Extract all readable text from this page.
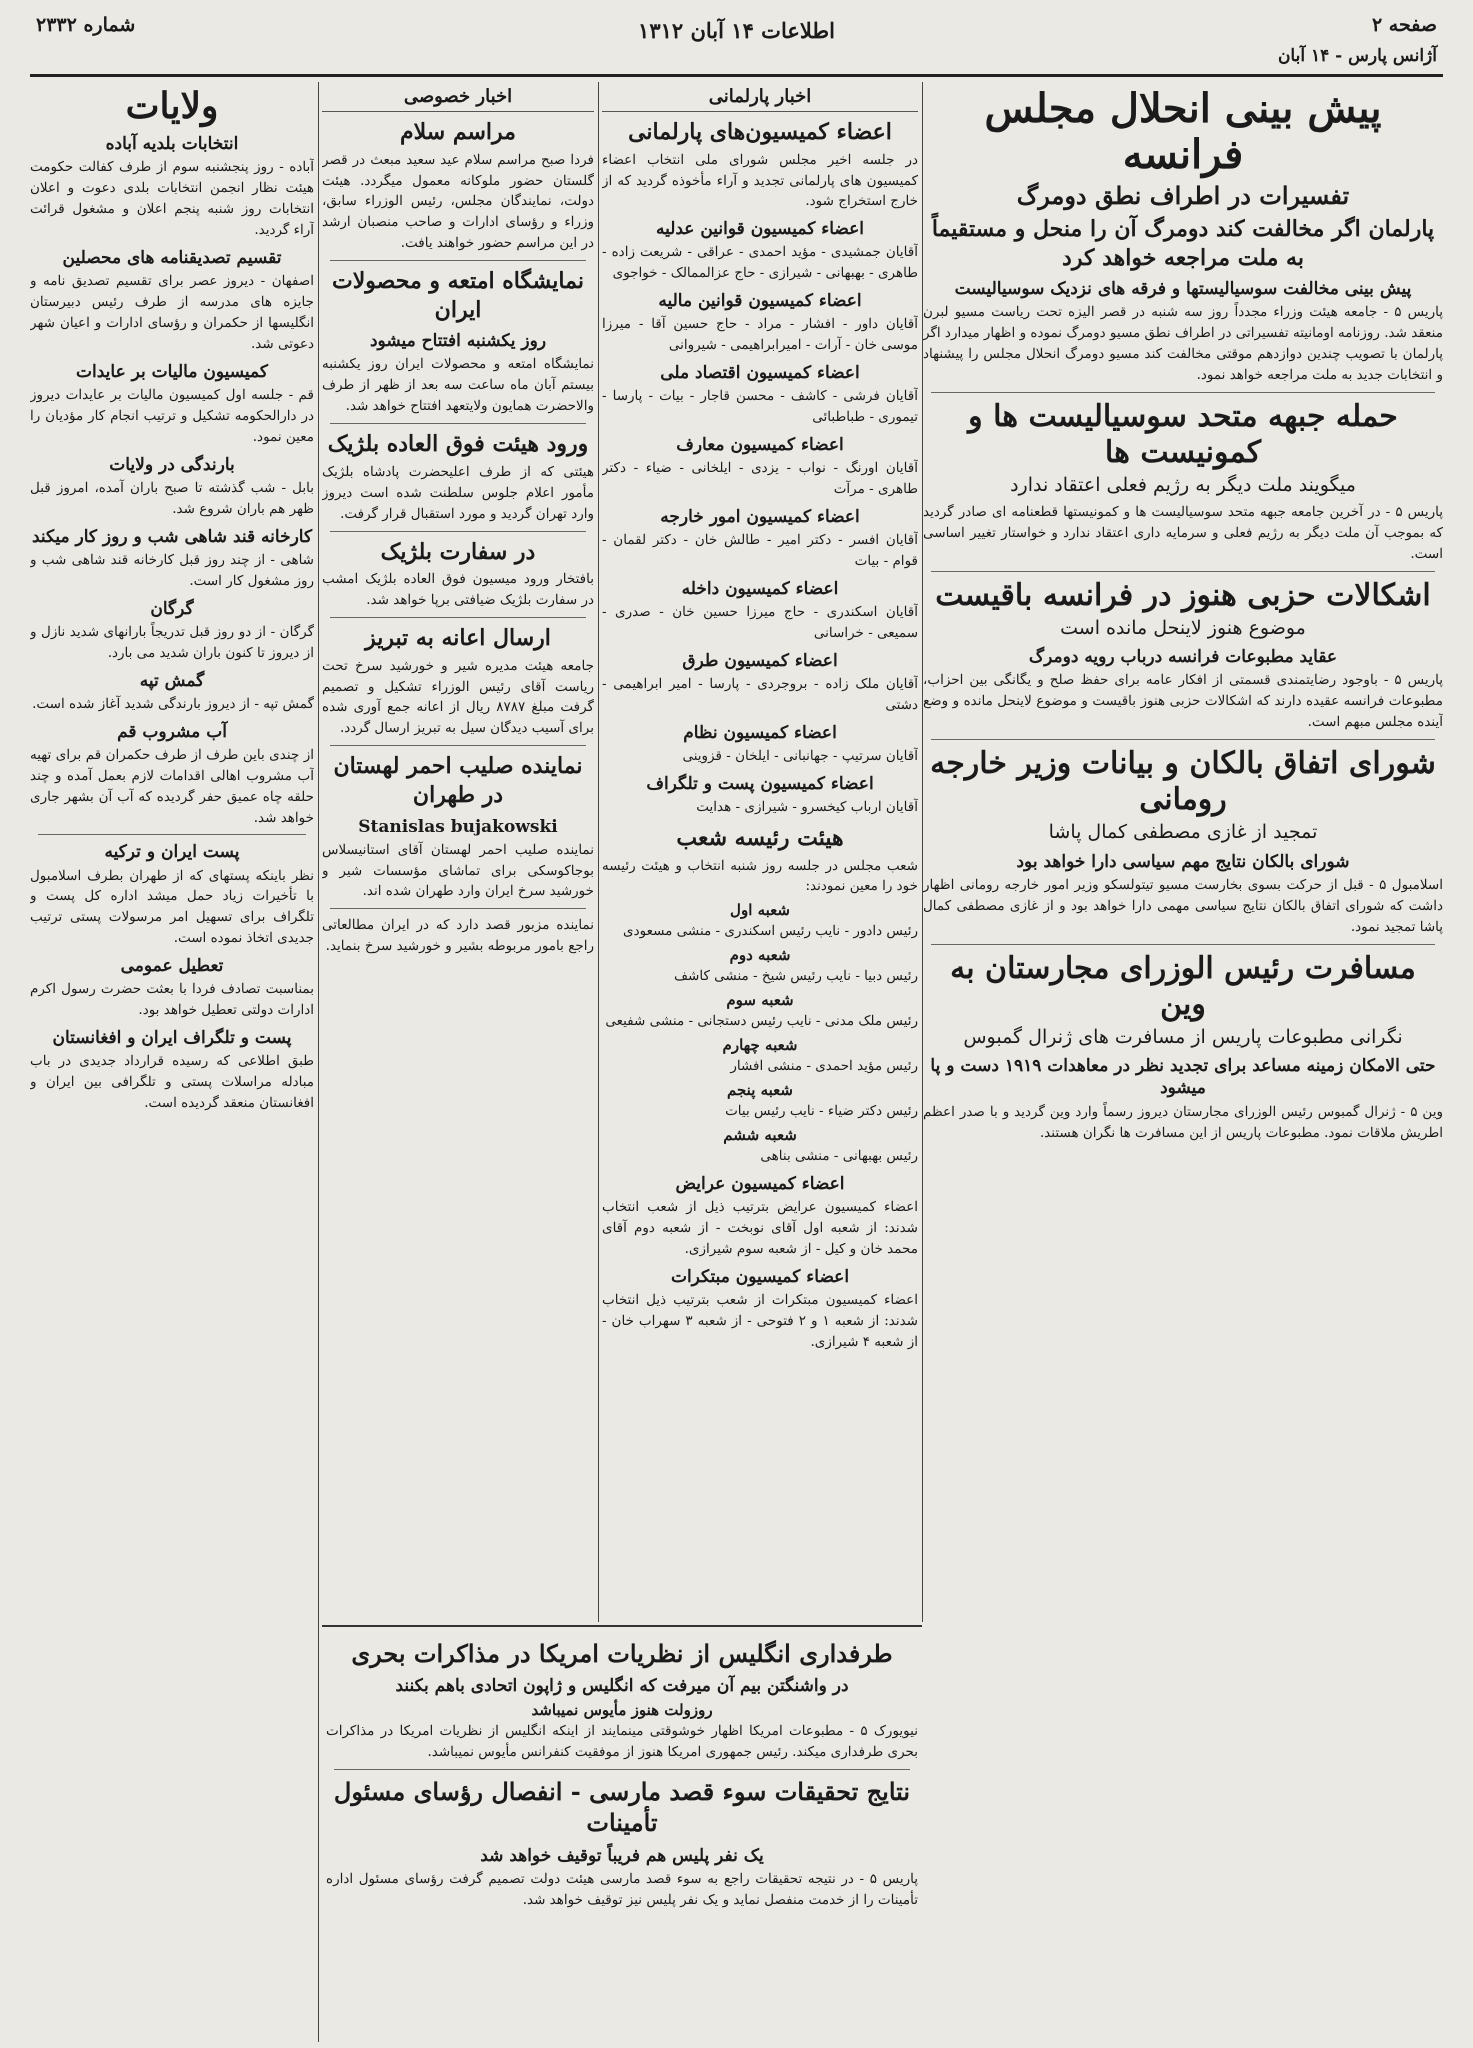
صفحه ۲
اطلاعات ۱۴ آبان ۱۳۱۲
شماره ۲۳۳۲
آژانس پارس - ۱۴ آبان
پیش بینی انحلال مجلس فرانسه
تفسیرات در اطراف نطق دومرگ
پارلمان اگر مخالفت کند دومرگ آن را منحل و مستقیماً به ملت مراجعه خواهد کرد
پیش بینی مخالفت سوسیالیستها و فرقه های نزدیک سوسیالیست

پاریس ۵ - جامعه هیئت وزراء مجدداً روز سه شنبه در قصر الیزه تحت ریاست مسیو لبرن منعقد شد. روزنامه اومانیته تفسیراتی در اطراف نطق مسیو دومرگ نموده و اظهار میدارد اگر پارلمان با تصویب چندین دوازدهم موقتی مخالفت کند مسیو دومرگ انحلال مجلس را پیشنهاد و انتخابات جدید به ملت مراجعه خواهد نمود.

حمله جبهه متحد سوسیالیست ها و کمونیست ها
میگویند ملت دیگر به رژیم فعلی اعتقاد ندارد

پاریس ۵ - در آخرین جامعه جبهه متحد سوسیالیست ها و کمونیستها قطعنامه ای صادر گردید که بموجب آن ملت دیگر به رژیم فعلی و سرمایه داری اعتقاد ندارد و خواستار تغییر اساسی است.

اشکالات حزبی هنوز در فرانسه باقیست
موضوع هنوز لاینحل مانده است
عقاید مطبوعات فرانسه درباب رویه دومرگ

پاریس ۵ - باوجود رضایتمندی قسمتی از افکار عامه برای حفظ صلح و یگانگی بین احزاب، مطبوعات فرانسه عقیده دارند که اشکالات حزبی هنوز باقیست و موضوع لاینحل مانده و وضع آینده مجلس مبهم است.

شورای اتفاق بالکان و بیانات وزیر خارجه رومانی
تمجید از غازی مصطفی کمال پاشا
شورای بالکان نتایج مهم سیاسی دارا خواهد بود

اسلامبول ۵ - قبل از حرکت بسوی بخارست مسیو تیتولسکو وزیر امور خارجه رومانی اظهار داشت که شورای اتفاق بالکان نتایج سیاسی مهمی دارا خواهد بود و از غازی مصطفی کمال پاشا تمجید نمود.

مسافرت رئیس الوزرای مجارستان به وین
نگرانی مطبوعات پاریس از مسافرت های ژنرال گمبوس
حتی الامکان زمینه مساعد برای تجدید نظر در معاهدات ۱۹۱۹ دست و پا میشود

وین ۵ - ژنرال گمبوس رئیس الوزرای مجارستان دیروز رسماً وارد وین گردید و با صدر اعظم اطریش ملاقات نمود. مطبوعات پاریس از این مسافرت ها نگران هستند.

اخبار پارلمانی
اعضاء کمیسیون‌های پارلمانی

در جلسه اخیر مجلس شورای ملی انتخاب اعضاء کمیسیون های پارلمانی تجدید و آراء مأخوذه گردید که از خارج استخراج شود.

اعضاء کمیسیون قوانین عدلیه

آقایان جمشیدی - مؤید احمدی - عراقی - شریعت زاده - طاهری - بهبهانی - شیرازی - حاج عزالممالک - خواجوی

اعضاء کمیسیون قوانین مالیه

آقایان داور - افشار - مراد - حاج حسین آقا - میرزا موسی خان - آرات - امیرابراهیمی - شیروانی

اعضاء کمیسیون اقتصاد ملی

آقایان فرشی - کاشف - محسن قاجار - بیات - پارسا - تیموری - طباطبائی

اعضاء کمیسیون معارف

آقایان اورنگ - نواب - یزدی - ایلخانی - ضیاء - دکتر طاهری - مرآت

اعضاء کمیسیون امور خارجه

آقایان افسر - دکتر امیر - طالش خان - دکتر لقمان - قوام - بیات

اعضاء کمیسیون داخله

آقایان اسکندری - حاج میرزا حسین خان - صدری - سمیعی - خراسانی

اعضاء کمیسیون طرق

آقایان ملک زاده - بروجردی - پارسا - امیر ابراهیمی - دشتی

اعضاء کمیسیون نظام

آقایان سرتیپ - جهانبانی - ایلخان - قزوینی

اعضاء کمیسیون پست و تلگراف

آقایان ارباب کیخسرو - شیرازی - هدایت

هیئت رئیسه شعب

شعب مجلس در جلسه روز شنبه انتخاب و هیئت رئیسه خود را معین نمودند:

شعبه اول

رئیس دادور - نایب رئیس اسکندری - منشی مسعودی

شعبه دوم

رئیس دبیا - نایب رئیس شیخ - منشی کاشف

شعبه سوم

رئیس ملک مدنی - نایب رئیس دستجانی - منشی شفیعی

شعبه چهارم

رئیس مؤید احمدی - منشی افشار

شعبه پنجم

رئیس دکتر ضیاء - نایب رئیس بیات

شعبه ششم

رئیس بهبهانی - منشی بناهی

اعضاء کمیسیون عرایض

اعضاء کمیسیون عرایض بترتیب ذیل از شعب انتخاب شدند: از شعبه اول آقای نوبخت - از شعبه دوم آقای محمد خان و کیل - از شعبه سوم شیرازی.

اعضاء کمیسیون مبتکرات

اعضاء کمیسیون مبتکرات از شعب بترتیب ذیل انتخاب شدند: از شعبه ۱ و ۲ فتوحی - از شعبه ۳ سهراب خان - از شعبه ۴ شیرازی.

اخبار خصوصی
مراسم سلام

فردا صبح مراسم سلام عید سعید مبعث در قصر گلستان حضور ملوکانه معمول میگردد. هیئت دولت، نمایندگان مجلس، رئیس الوزراء سابق، وزراء و رؤسای ادارات و صاحب منصبان ارشد در این مراسم حضور خواهند یافت.

نمایشگاه امتعه و محصولات ایران
روز یکشنبه افتتاح میشود

نمایشگاه امتعه و محصولات ایران روز یکشنبه بیستم آبان ماه ساعت سه بعد از ظهر از طرف والاحضرت همایون ولایتعهد افتتاح خواهد شد.

ورود هیئت فوق العاده بلژیک

هیئتی که از طرف اعلیحضرت پادشاه بلژیک مأمور اعلام جلوس سلطنت شده است دیروز وارد تهران گردید و مورد استقبال قرار گرفت.

در سفارت بلژیک

بافتخار ورود میسیون فوق العاده بلژیک امشب در سفارت بلژیک ضیافتی برپا خواهد شد.

ارسال اعانه به تبریز

جامعه هیئت مدیره شیر و خورشید سرخ تحت ریاست آقای رئیس الوزراء تشکیل و تصمیم گرفت مبلغ ۸۷۸۷ ریال از اعانه جمع آوری شده برای آسیب دیدگان سیل به تبریز ارسال گردد.

نماینده صلیب احمر لهستان در طهران
Stanislas bujakowski

نماینده صلیب احمر لهستان آقای استانیسلاس بوجاکوسکی برای تماشای مؤسسات شیر و خورشید سرخ ایران وارد طهران شده اند.

نماینده مزبور قصد دارد که در ایران مطالعاتی راجع بامور مربوطه بشیر و خورشید سرخ بنماید.

ولایات
انتخابات بلدیه آباده

آباده - روز پنجشنبه سوم از طرف کفالت حکومت هیئت نظار انجمن انتخابات بلدی دعوت و اعلان انتخابات روز شنبه پنجم اعلان و مشغول قرائت آراء گردید.

تقسیم تصدیقنامه های محصلین

اصفهان - دیروز عصر برای تقسیم تصدیق نامه و جایزه های مدرسه از طرف رئیس دبیرستان انگلیسها از حکمران و رؤسای ادارات و اعیان شهر دعوتی شد.

کمیسیون مالیات بر عایدات

قم - جلسه اول کمیسیون مالیات بر عایدات دیروز در دارالحکومه تشکیل و ترتیب انجام کار مؤدیان را معین نمود.

بارندگی در ولایات

بابل - شب گذشته تا صبح باران آمده، امروز قبل ظهر هم باران شروع شد.

کارخانه قند شاهی شب و روز کار میکند

شاهی - از چند روز قبل کارخانه قند شاهی شب و روز مشغول کار است.

گرگان

گرگان - از دو روز قبل تدریجاً بارانهای شدید نازل و از دیروز تا کنون باران شدید می بارد.

گمش تپه

گمش تپه - از دیروز بارندگی شدید آغاز شده است.

آب مشروب قم

از چندی باین طرف از طرف حکمران قم برای تهیه آب مشروب اهالی اقدامات لازم بعمل آمده و چند حلقه چاه عمیق حفر گردیده که آب آن بشهر جاری خواهد شد.

پست ایران و ترکیه

نظر باینکه پستهای که از طهران بطرف اسلامبول با تأخیرات زیاد حمل میشد اداره کل پست و تلگراف برای تسهیل امر مرسولات پستی ترتیب جدیدی اتخاذ نموده است.

تعطیل عمومی

بمناسبت تصادف فردا با بعثت حضرت رسول اکرم ادارات دولتی تعطیل خواهد بود.

پست و تلگراف ایران و افغانستان

طبق اطلاعی که رسیده قرارداد جدیدی در باب مبادله مراسلات پستی و تلگرافی بین ایران و افغانستان منعقد گردیده است.

طرفداری انگلیس از نظریات امریکا در مذاکرات بحری
در واشنگتن بیم آن میرفت که انگلیس و ژاپون اتحادی باهم بکنند
روزولت هنوز مأیوس نمیباشد

نیویورک ۵ - مطبوعات امریکا اظهار خوشوقتی مینمایند از اینکه انگلیس از نظریات امریکا در مذاکرات بحری طرفداری میکند. رئیس جمهوری امریکا هنوز از موفقیت کنفرانس مأیوس نمیباشد.

نتایج تحقیقات سوء قصد مارسی - انفصال رؤسای مسئول تأمینات
یک نفر پلیس هم فریباً توقیف خواهد شد

پاریس ۵ - در نتیجه تحقیقات راجع به سوء قصد مارسی هیئت دولت تصمیم گرفت رؤسای مسئول اداره تأمینات را از خدمت منفصل نماید و یک نفر پلیس نیز توقیف خواهد شد.
